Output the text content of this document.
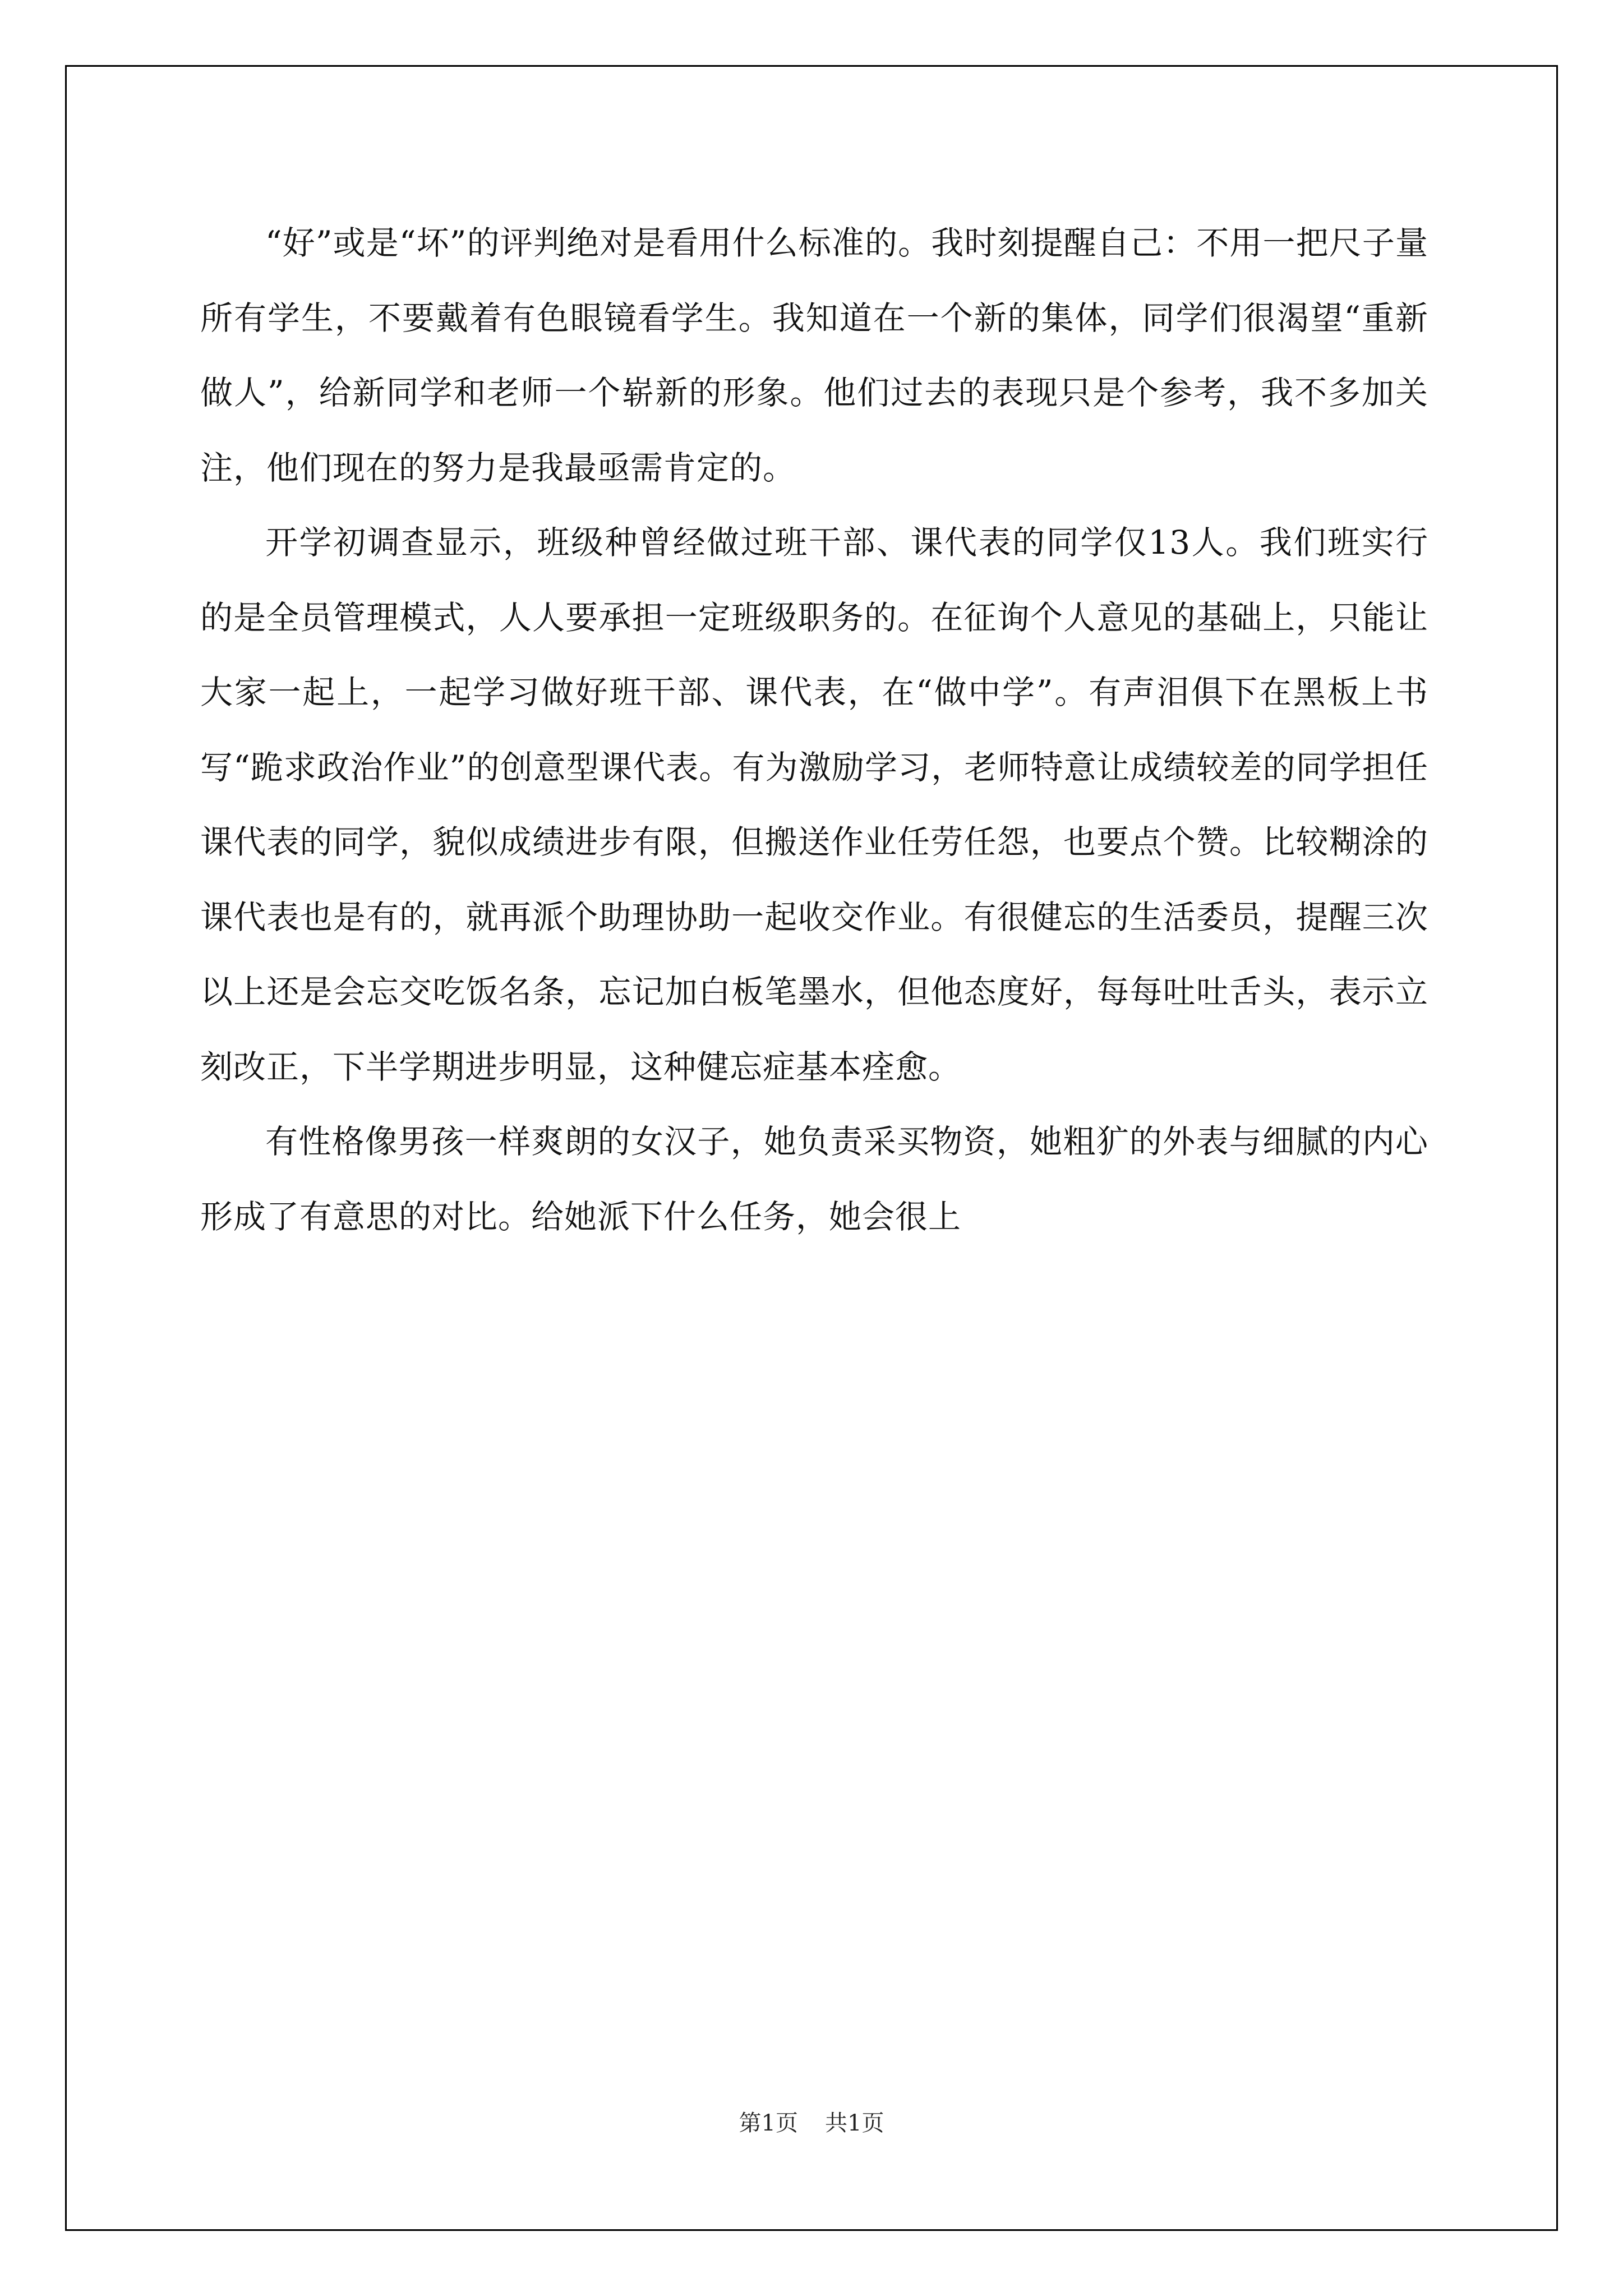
“好”或是“坏”的评判绝对是看用什么标准的。我时刻提醒自己：不用一把尺子量所有学生，不要戴着有色眼镜看学生。我知道在一个新的集体，同学们很渴望“重新做人”，给新同学和老师一个崭新的形象。他们过去的表现只是个参考，我不多加关注，他们现在的努力是我最亟需肯定的。

开学初调查显示，班级种曾经做过班干部、课代表的同学仅13人。我们班实行的是全员管理模式，人人要承担一定班级职务的。在征询个人意见的基础上，只能让大家一起上，一起学习做好班干部、课代表，在“做中学”。有声泪俱下在黑板上书写“跪求政治作业”的创意型课代表。有为激励学习，老师特意让成绩较差的同学担任课代表的同学，貌似成绩进步有限，但搬送作业任劳任怨，也要点个赞。比较糊涂的课代表也是有的，就再派个助理协助一起收交作业。有很健忘的生活委员，提醒三次以上还是会忘交吃饭名条，忘记加白板笔墨水，但他态度好，每每吐吐舌头，表示立刻改正，下半学期进步明显，这种健忘症基本痊愈。

有性格像男孩一样爽朗的女汉子，她负责采买物资，她粗犷的外表与细腻的内心形成了有意思的对比。给她派下什么任务，她会很上

第1页 共1页
